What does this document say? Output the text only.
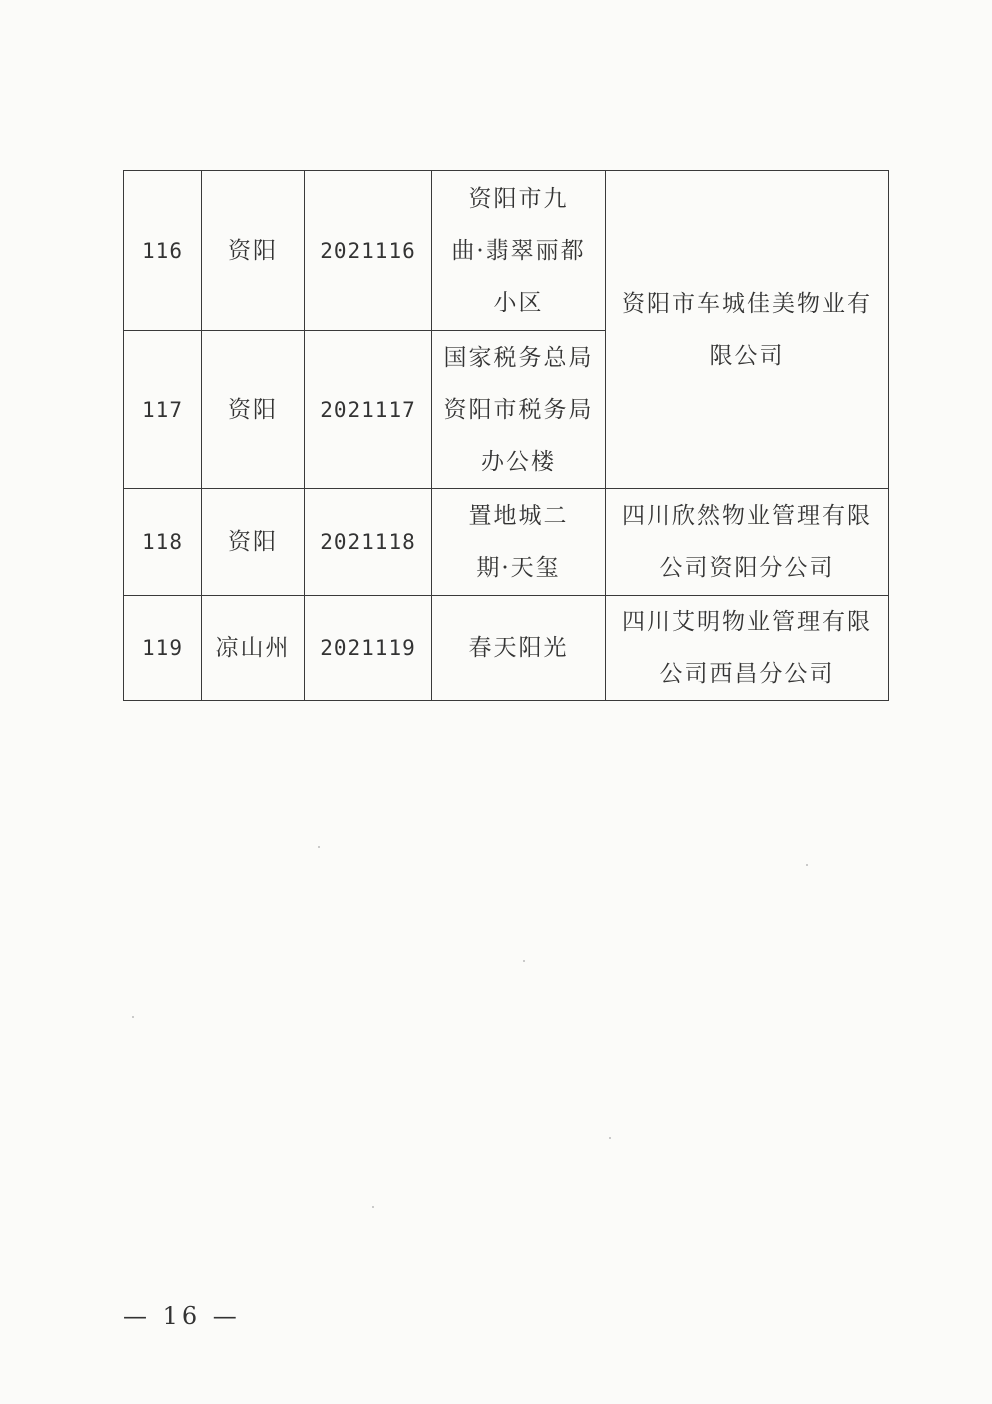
116	资阳	2021116	资阳市九
曲·翡翠丽都
小区	资阳市车城佳美物业有
限公司
117	资阳	2021117	国家税务总局
资阳市税务局
办公楼	
118	资阳	2021118	置地城二
期·天玺	四川欣然物业管理有限
公司资阳分公司
119	凉山州	2021119	春天阳光	四川艾明物业管理有限
公司西昌分公司
— 16 —
